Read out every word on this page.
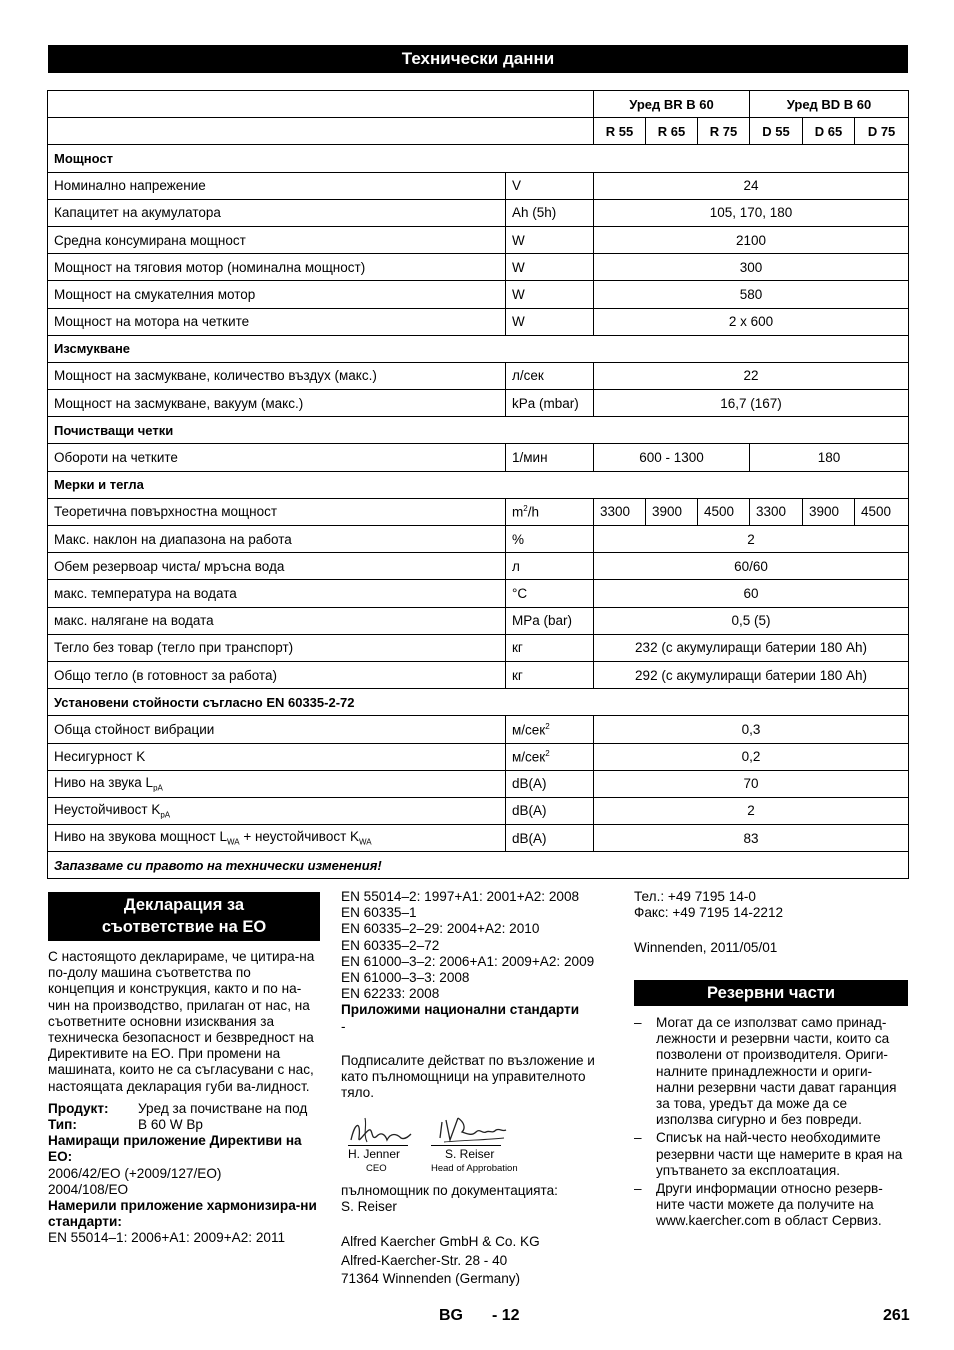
Технически данни
		Уред BR B 60			Уред BD B 60		
		R 55	R 65	R 75	D 55	D 65	D 75
Мощност							
Номинално напрежение	V	24					
Капацитет на акумулатора	Ah (5h)	105, 170, 180					
Средна консумирана мощност	W	2100					
Мощност на тяговия мотор (номинална мощност)	W	300					
Мощност на смукателния мотор	W	580					
Мощност на мотора на четките	W	2 x 600					
Изсмукване							
Мощност на засмукване, количество въздух (макс.)	л/сек	22					
Мощност на засмукване, вакуум (макс.)	kPa (mbar)	16,7 (167)					
Почистващи четки							
Обороти на четките	1/мин	600 - 1300			180		
Мерки и тегла							
Теоретична повърхностна мощност	$m^2/h$	3300	3900	4500	3300	3900	4500
Макс. наклон на диапазона на работа	%	2					
Обем резервоар чиста/ мръсна вода	л	60/60					
макс. температура на водата	°C	60					
макс. налягане на водата	MPa (bar)	0,5 (5)					
Тегло без товар (тегло при транспорт)	кг	232 (с акумулиращи батерии 180 Ah)					
Общо тегло (в готовност за работа)	кг	292 (с акумулиращи батерии 180 Ah)					
Установени стойности съгласно EN 60335-2-72							
Обща стойност вибрации	м/сек$^2$	0,3					
Несигурност K	м/сек$^2$	0,2					
Ниво на звука $L_{pA}$	dB(A)	70					
Неустойчивост $K_{pA}$	dB(A)	2					
Ниво на звукова мощност $L_{WA}$ + неустойчивост $K_{WA}$	dB(A)	83					
Запазваме си правото на технически изменения!							
Декларация за
съответствие на ЕО

С настоящото декларираме, че цитира-на по-долу машина съответства по концепция и конструкция, както и по на-чин на производство, прилаган от нас, на съответните основни изисквания за техническа безопасност и безвредност на Директивите на ЕО. При промени на машината, които не са съгласувани с нас, настоящата декларация губи ва-лидност.

Продукт:	Уред за почистване на под
Тип:	B 60 W Bp
Намиращи приложение Директиви на ЕО:
2006/42/ЕО (+2009/127/ЕО)
2004/108/ЕО
Намерили приложение хармонизира-ни стандарти:
EN 55014–1: 2006+A1: 2009+A2: 2011
EN 55014–2: 1997+A1: 2001+A2: 2008
EN 60335–1
EN 60335–2–29: 2004+A2: 2010
EN 60335–2–72
EN 61000–3–2: 2006+A1: 2009+A2: 2009
EN 61000–3–3: 2008
EN 62233: 2008
Приложими национални стандарти
-

Подписалите действат по възложение и като пълномощници на управителното тяло.

H. Jenner
CEO
S. Reiser
Head of Approbation
пълномощник по документацията:
S. Reiser
Alfred Kaercher GmbH & Co. KG
Alfred-Kaercher-Str. 28 - 40
71364 Winnenden (Germany)
Тел.: +49 7195 14-0
Факс: +49 7195 14-2212
Winnenden, 2011/05/01
Резервни части
– Могат да се използват само принад-лежности и резервни части, които са позволени от производителя. Ориги-налните принадлежности и ориги-нални резервни части дават гаранция за това, уредът да може да се използва сигурно и без повреди.
– Списък на най-често необходимите резервни части ще намерите в края на упътването за експлоатация.
– Други информации относно резерв-ните части можете да получите на www.kaercher.com в област Сервиз.
BG - 12	261
